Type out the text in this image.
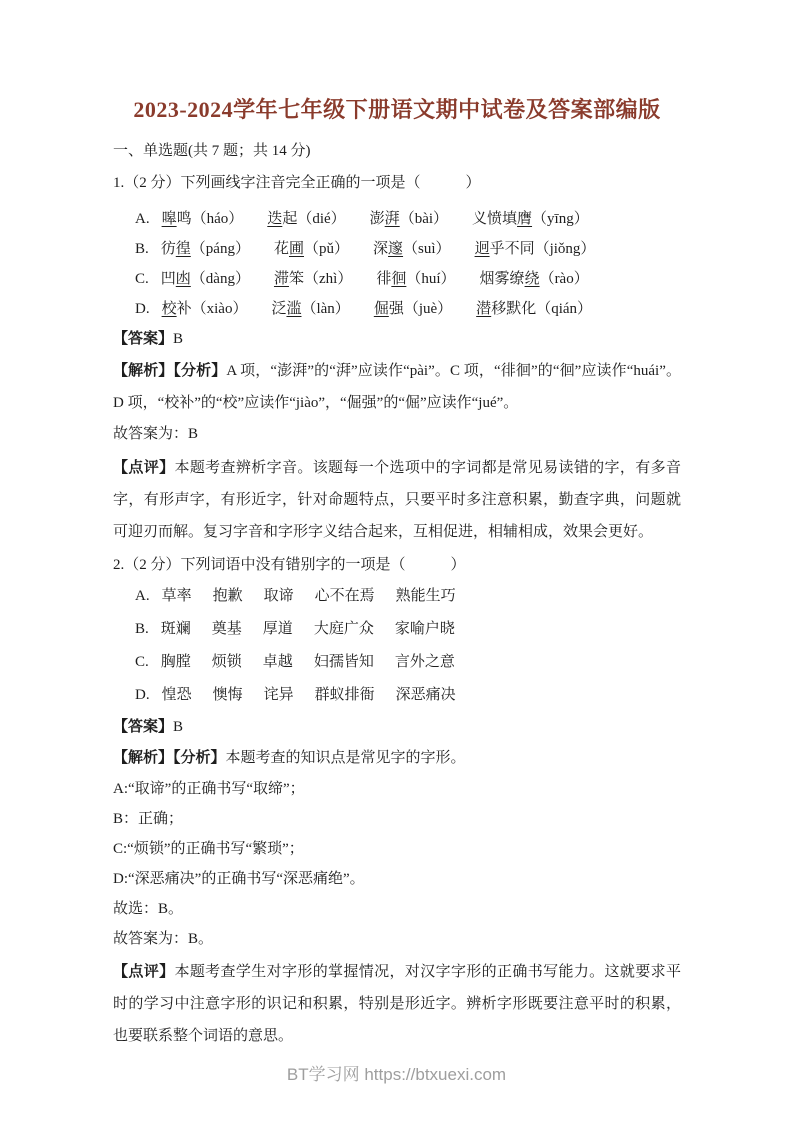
2023-2024学年七年级下册语文期中试卷及答案部编版
一、单选题(共 7 题；共 14 分)
1.（2 分）下列画线字注音完全正确的一项是（　　　）
A. 嗥鸣（háo） 迭起（dié） 澎湃（bài） 义愤填膺（yīng）
B. 彷徨（páng） 花圃（pǔ） 深邃（suì） 迥乎不同（jiǒng）
C. 凹凼（dàng） 滞笨（zhì） 徘徊（huí） 烟雾缭绕（rào）
D. 校补（xiào） 泛滥（làn） 倔强（juè） 潜移默化（qián）
【答案】B
【解析】【分析】A 项，“澎湃”的“湃”应读作“pài”。C 项，“徘徊”的“徊”应读作“huái”。D 项，“校补”的“校”应读作“jiào”，“倔强”的“倔”应读作“jué”。
故答案为：B
【点评】本题考查辨析字音。该题每一个选项中的字词都是常见易读错的字，有多音字，有形声字，有形近字，针对命题特点，只要平时多注意积累，勤查字典，问题就可迎刃而解。复习字音和字形字义结合起来，互相促进，相辅相成，效果会更好。
2.（2 分）下列词语中没有错别字的一项是（　　　）
A. 草率 抱歉 取谛 心不在焉 熟能生巧
B. 斑斓 奠基 厚道 大庭广众 家喻户晓
C. 胸膛 烦锁 卓越 妇孺皆知 言外之意
D. 惶恐 懊悔 诧异 群蚁排衙 深恶痛决
【答案】B
【解析】【分析】本题考查的知识点是常见字的字形。
A:“取谛”的正确书写“取缔”；
B：正确；
C:“烦锁”的正确书写“繁琐”；
D:“深恶痛决”的正确书写“深恶痛绝”。
故选：B。
故答案为：B。
【点评】本题考查学生对字形的掌握情况，对汉字字形的正确书写能力。这就要求平时的学习中注意字形的识记和积累，特别是形近字。辨析字形既要注意平时的积累，也要联系整个词语的意思。
BT学习网 https://btxuexi.com
